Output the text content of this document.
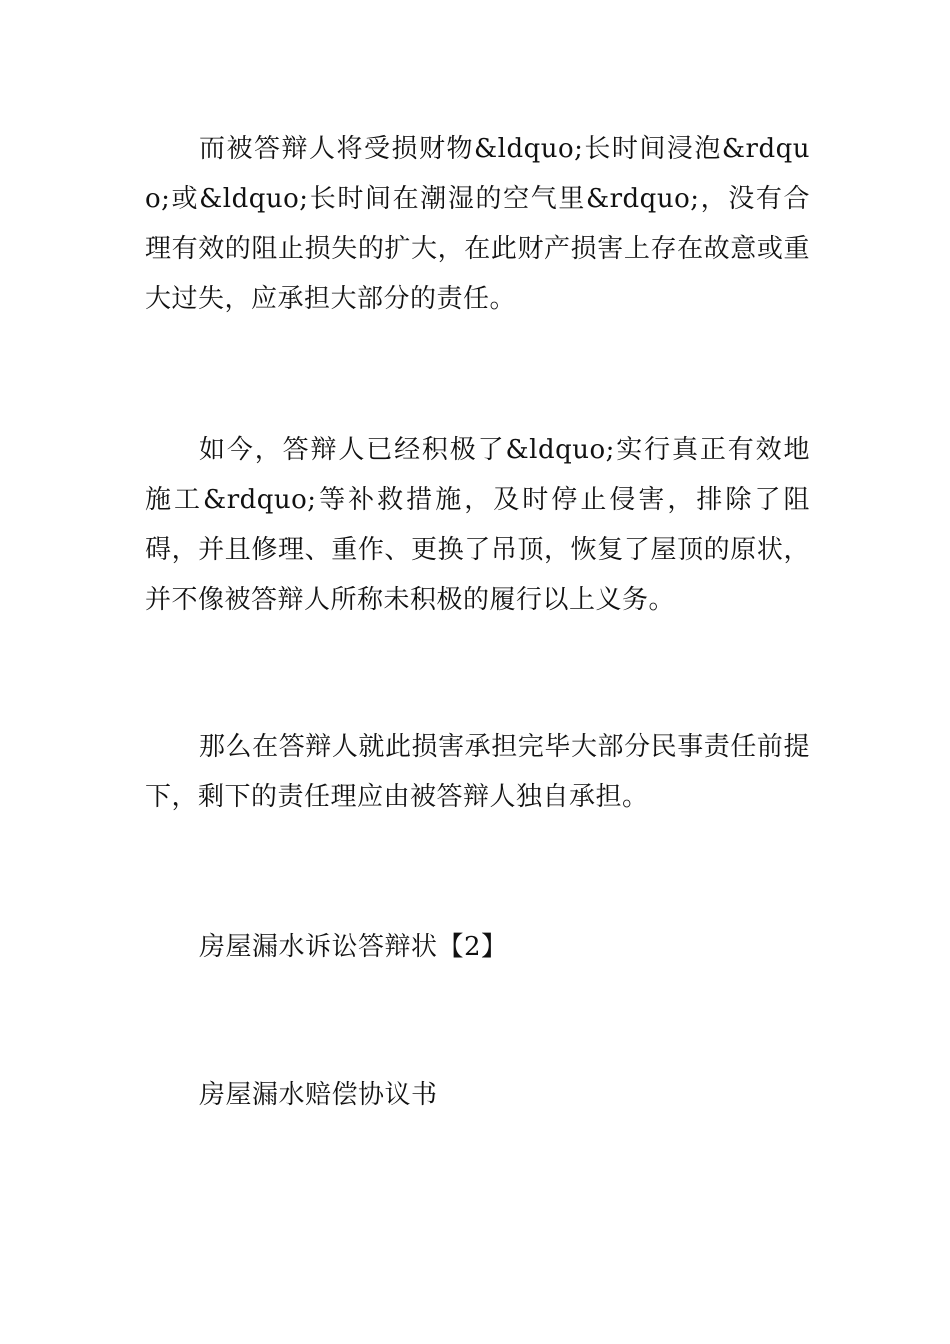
而被答辩人将受损财物&ldquo;长时间浸泡&rdquo;或&ldquo;长时间在潮湿的空气里&rdquo;，没有合理有效的阻止损失的扩大，在此财产损害上存在故意或重大过失，应承担大部分的责任。

如今，答辩人已经积极了&ldquo;实行真正有效地施工&rdquo;等补救措施，及时停止侵害，排除了阻碍，并且修理、重作、更换了吊顶，恢复了屋顶的原状，并不像被答辩人所称未积极的履行以上义务。

那么在答辩人就此损害承担完毕大部分民事责任前提下，剩下的责任理应由被答辩人独自承担。

房屋漏水诉讼答辩状【2】

房屋漏水赔偿协议书
